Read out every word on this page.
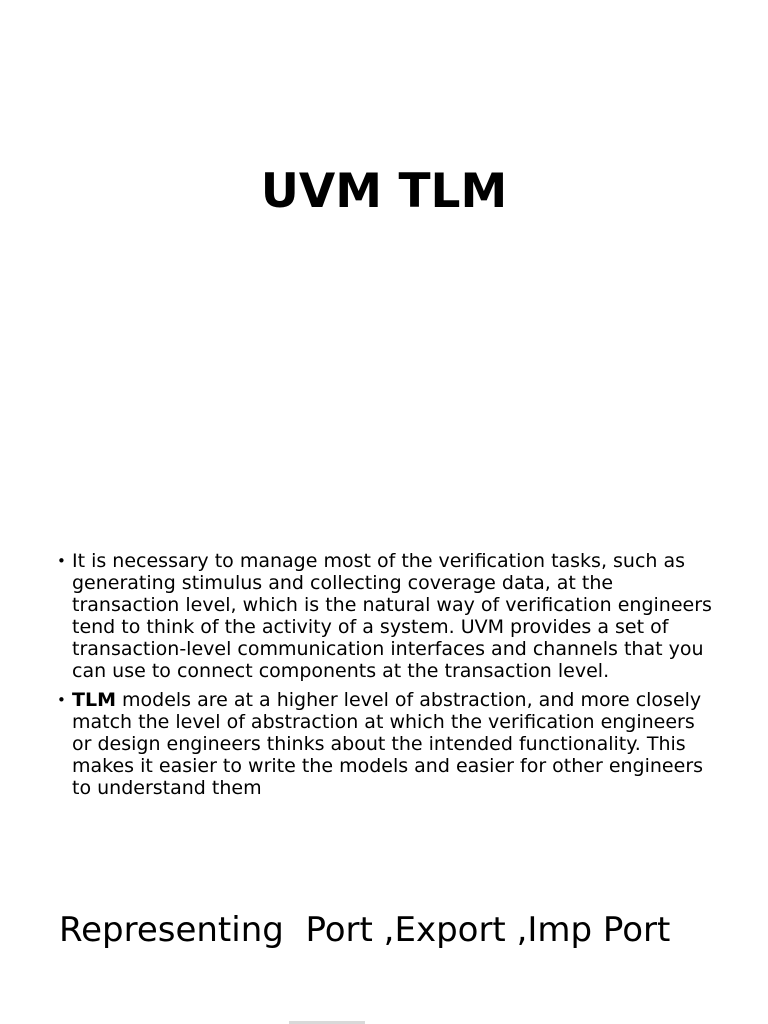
UVM TLM
• It is necessary to manage most of the verification tasks, such as generating stimulus and collecting coverage data, at the transaction level, which is the natural way of verification engineers tend to think of the activity of a system. UVM provides a set of transaction-level communication interfaces and channels that you can use to connect components at the transaction level.
• TLM models are at a higher level of abstraction, and more closely match the level of abstraction at which the verification engineers or design engineers thinks about the intended functionality. This makes it easier to write the models and easier for other engineers to understand them

Representing  Port ,Export ,Imp Port
